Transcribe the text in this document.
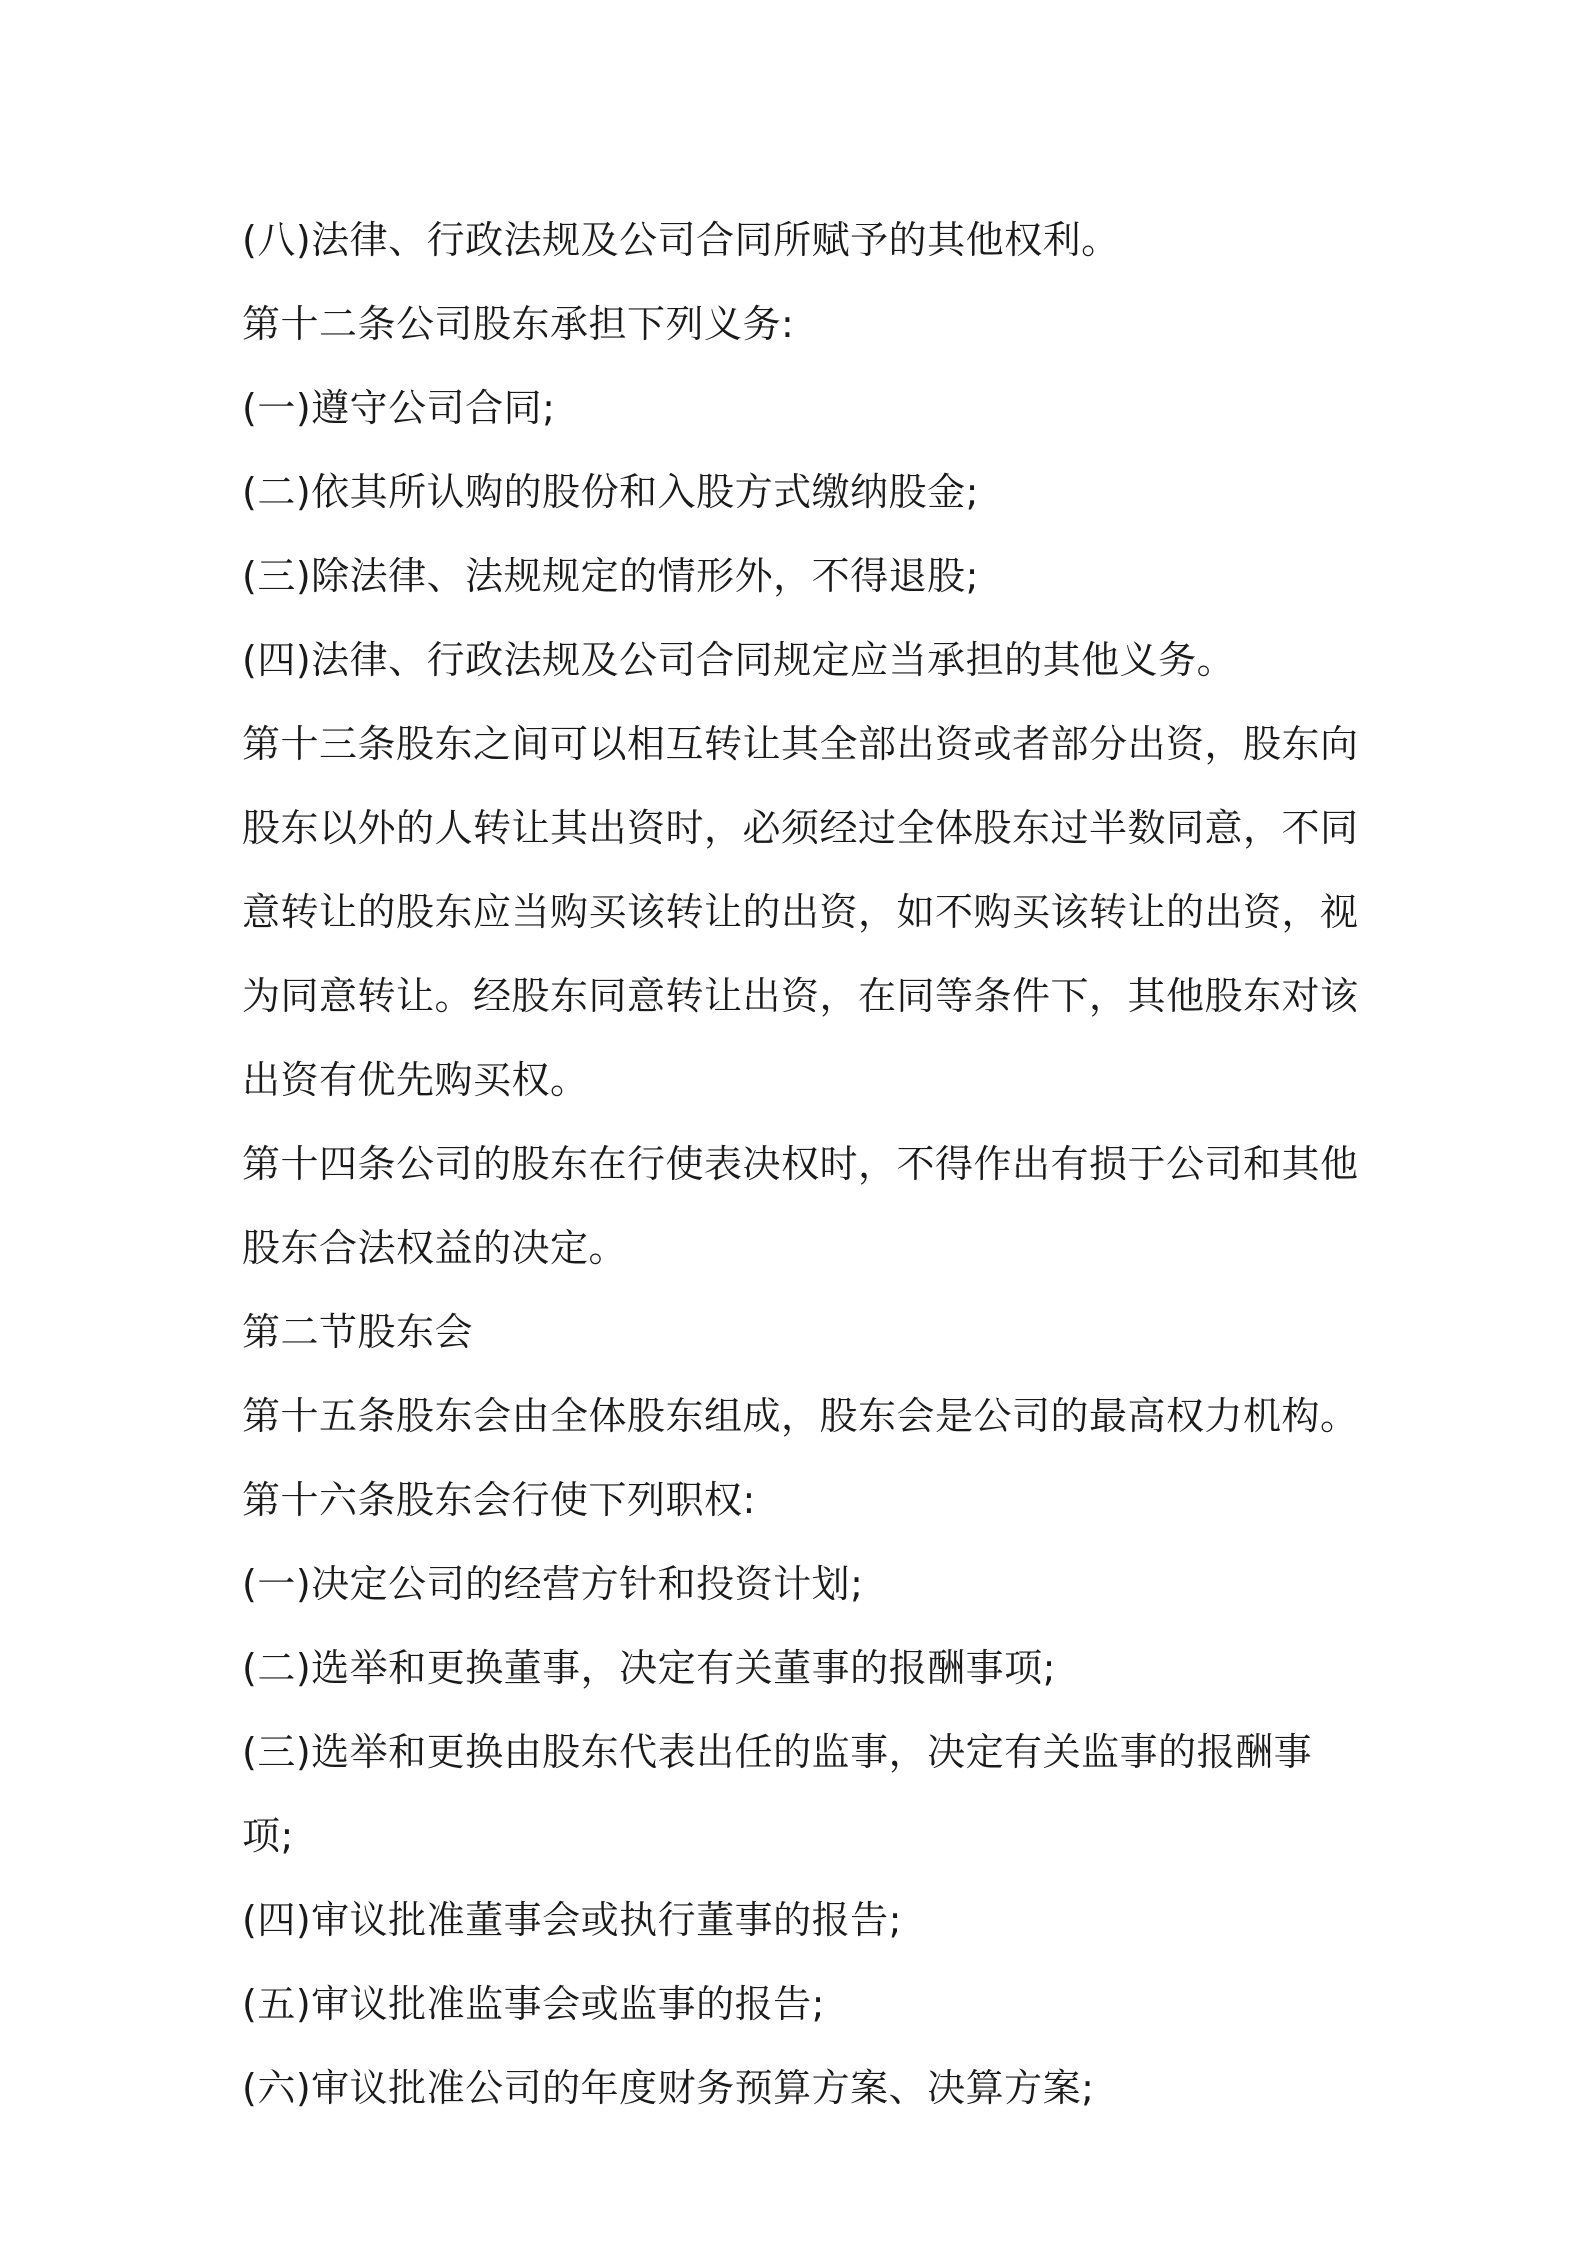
(八)法律、行政法规及公司合同所赋予的其他权利。

第十二条公司股东承担下列义务:

(一)遵守公司合同;

(二)依其所认购的股份和入股方式缴纳股金;

(三)除法律、法规规定的情形外，不得退股;

(四)法律、行政法规及公司合同规定应当承担的其他义务。

第十三条股东之间可以相互转让其全部出资或者部分出资，股东向股东以外的人转让其出资时，必须经过全体股东过半数同意，不同意转让的股东应当购买该转让的出资，如不购买该转让的出资，视为同意转让。经股东同意转让出资，在同等条件下，其他股东对该出资有优先购买权。

第十四条公司的股东在行使表决权时，不得作出有损于公司和其他股东合法权益的决定。

第二节股东会

第十五条股东会由全体股东组成，股东会是公司的最高权力机构。

第十六条股东会行使下列职权:

(一)决定公司的经营方针和投资计划;

(二)选举和更换董事，决定有关董事的报酬事项;

(三)选举和更换由股东代表出任的监事，决定有关监事的报酬事项;

(四)审议批准董事会或执行董事的报告;

(五)审议批准监事会或监事的报告;

(六)审议批准公司的年度财务预算方案、决算方案;
